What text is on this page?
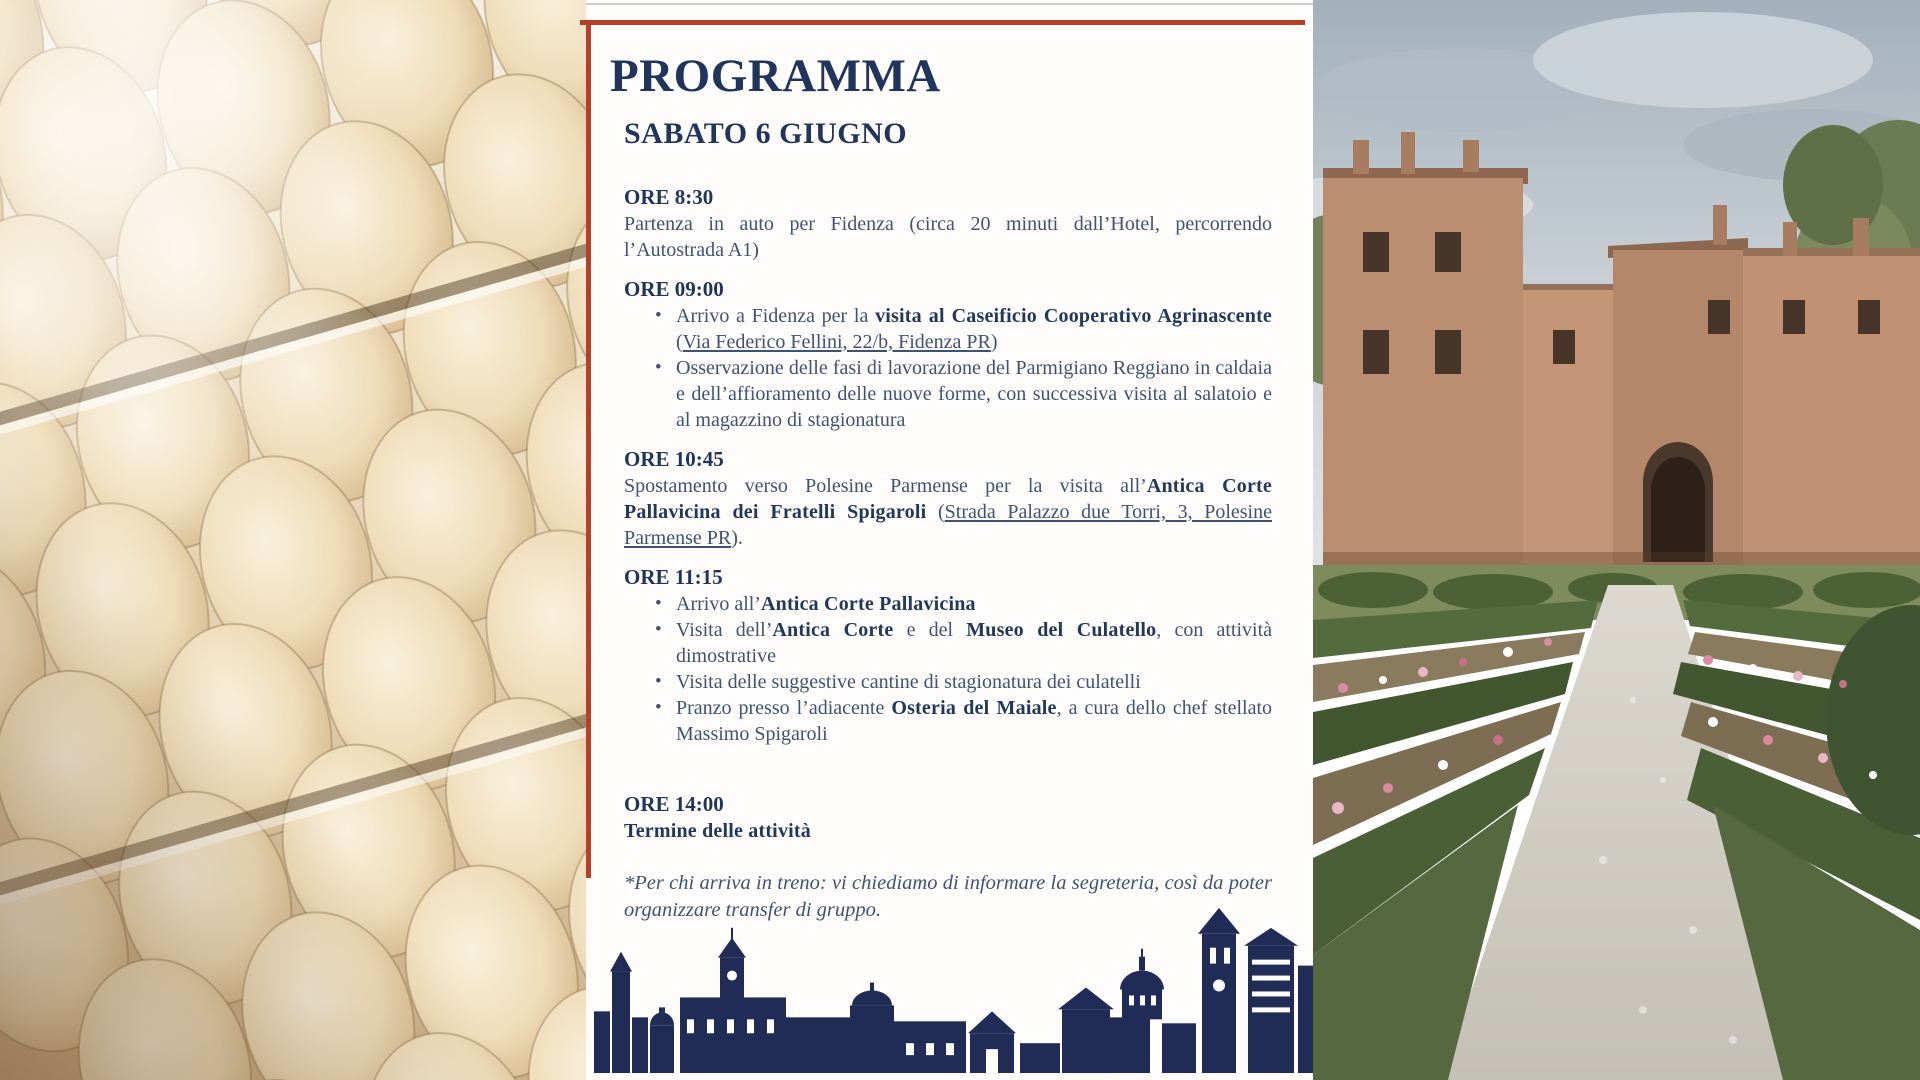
PROGRAMMA
SABATO 6 GIUGNO
ORE 8:30

Partenza in auto per Fidenza (circa 20 minuti dall’Hotel, percorrendo l’Autostrada A1)

ORE 09:00
• Arrivo a Fidenza per la visita al Caseificio Cooperativo Agrinascente (Via Federico Fellini, 22/b, Fidenza PR)
• Osservazione delle fasi di lavorazione del Parmigiano Reggiano in caldaia e dell’affioramento delle nuove forme, con successiva visita al salatoio e al magazzino di stagionatura
ORE 10:45

Spostamento verso Polesine Parmense per la visita all’Antica Corte Pallavicina dei Fratelli Spigaroli (Strada Palazzo due Torri, 3, Polesine Parmense PR).

ORE 11:15
• Arrivo all’Antica Corte Pallavicina
• Visita dell’Antica Corte e del Museo del Culatello, con attività dimostrative
• Visita delle suggestive cantine di stagionatura dei culatelli
• Pranzo presso l’adiacente Osteria del Maiale, a cura dello chef stellato Massimo Spigaroli
ORE 14:00

Termine delle attività

*Per chi arriva in treno: vi chiediamo di informare la segreteria, così da poter organizzare transfer di gruppo.
